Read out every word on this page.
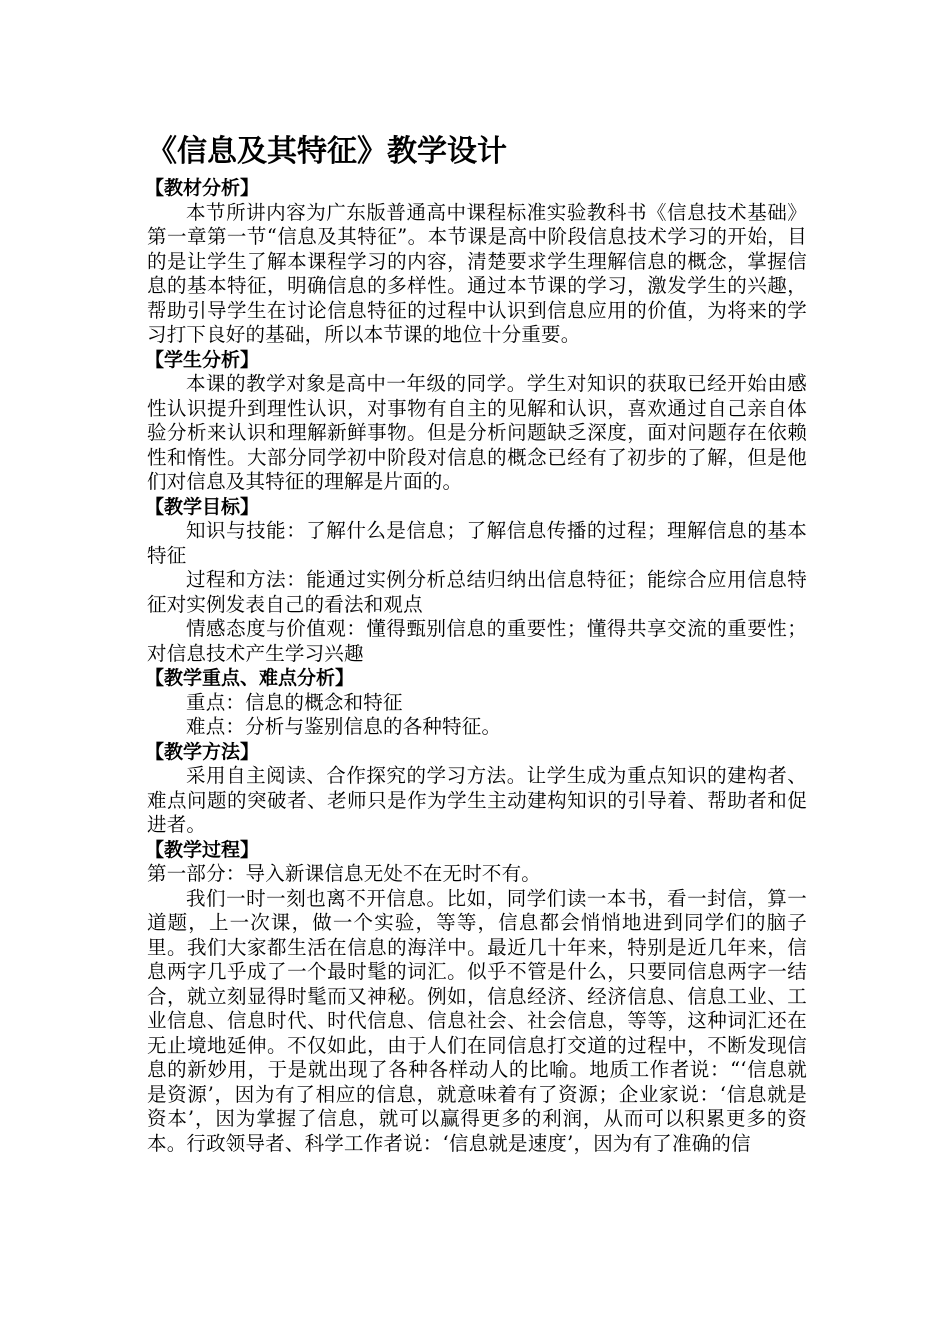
《信息及其特征》教学设计
【教材分析】

本节所讲内容为广东版普通高中课程标准实验教科书《信息技术基础》第一章第一节“信息及其特征”。本节课是高中阶段信息技术学习的开始，目的是让学生了解本课程学习的内容，清楚要求学生理解信息的概念，掌握信息的基本特征，明确信息的多样性。通过本节课的学习，激发学生的兴趣，帮助引导学生在讨论信息特征的过程中认识到信息应用的价值，为将来的学习打下良好的基础，所以本节课的地位十分重要。

【学生分析】

本课的教学对象是高中一年级的同学。学生对知识的获取已经开始由感性认识提升到理性认识，对事物有自主的见解和认识，喜欢通过自己亲自体验分析来认识和理解新鲜事物。但是分析问题缺乏深度，面对问题存在依赖性和惰性。大部分同学初中阶段对信息的概念已经有了初步的了解，但是他们对信息及其特征的理解是片面的。

【教学目标】

知识与技能：了解什么是信息；了解信息传播的过程；理解信息的基本特征

过程和方法：能通过实例分析总结归纳出信息特征；能综合应用信息特征对实例发表自己的看法和观点

情感态度与价值观：懂得甄别信息的重要性；懂得共享交流的重要性；对信息技术产生学习兴趣

【教学重点、难点分析】

重点：信息的概念和特征

难点：分析与鉴别信息的各种特征。

【教学方法】

采用自主阅读、合作探究的学习方法。让学生成为重点知识的建构者、难点问题的突破者、老师只是作为学生主动建构知识的引导着、帮助者和促进者。

【教学过程】

第一部分：导入新课信息无处不在无时不有。

我们一时一刻也离不开信息。比如，同学们读一本书，看一封信，算一道题，上一次课，做一个实验，等等，信息都会悄悄地进到同学们的脑子里。我们大家都生活在信息的海洋中。最近几十年来，特别是近几年来，信息两字几乎成了一个最时髦的词汇。似乎不管是什么，只要同信息两字一结合，就立刻显得时髦而又神秘。例如，信息经济、经济信息、信息工业、工业信息、信息时代、时代信息、信息社会、社会信息，等等，这种词汇还在无止境地延伸。不仅如此，由于人们在同信息打交道的过程中，不断发现信息的新妙用，于是就出现了各种各样动人的比喻。地质工作者说：“‘信息就是资源’，因为有了相应的信息，就意味着有了资源；企业家说：‘信息就是资本’，因为掌握了信息，就可以赢得更多的利润，从而可以积累更多的资本。行政领导者、科学工作者说：‘信息就是速度’，因为有了准确的信
